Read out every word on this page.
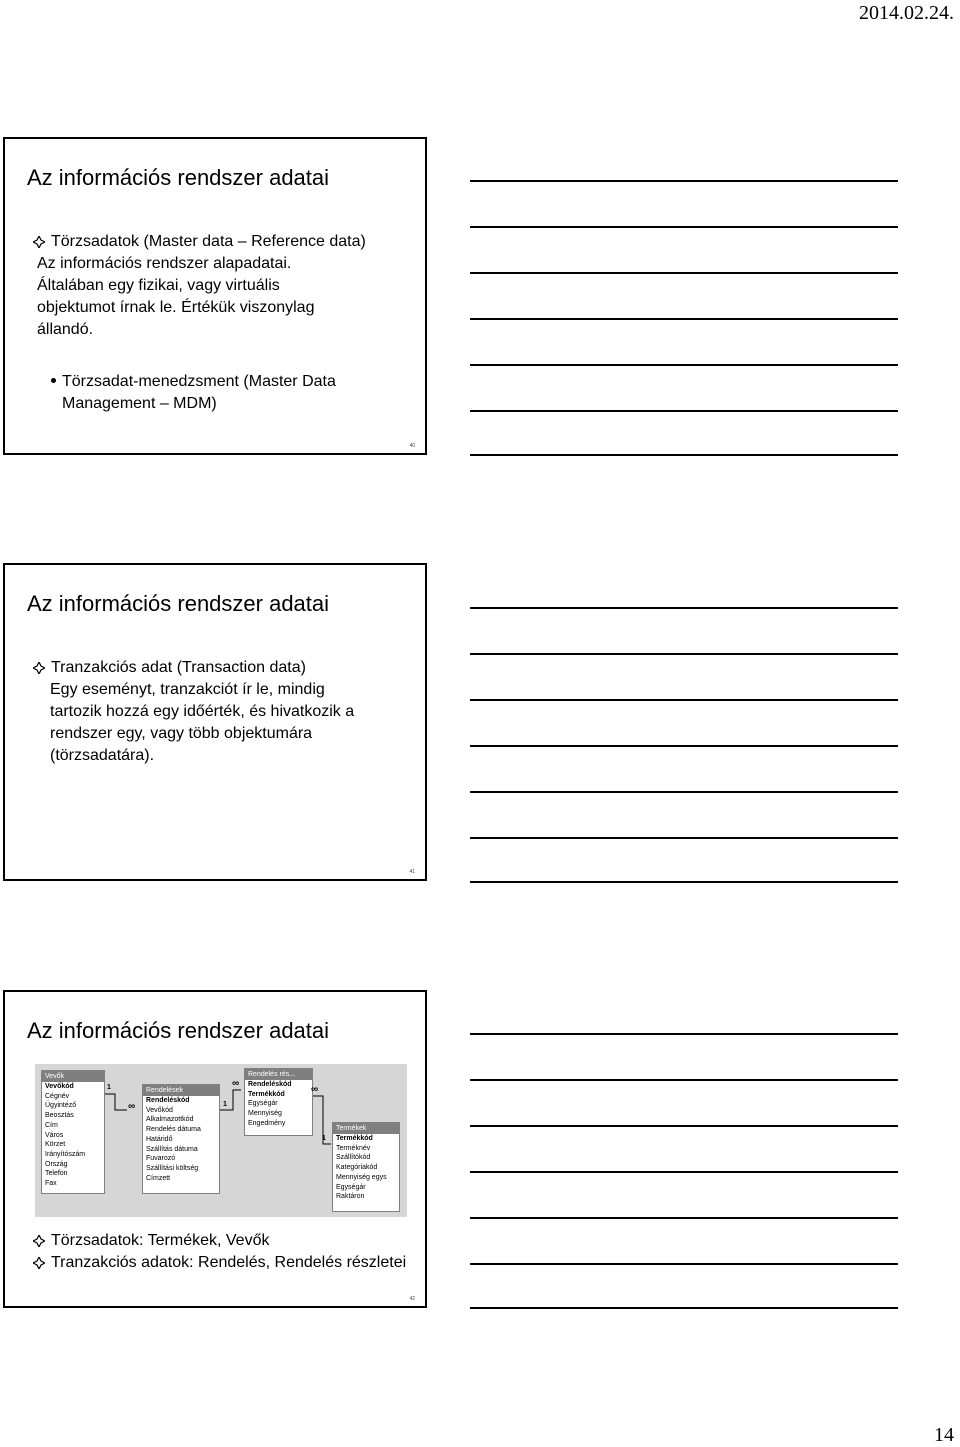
2014.02.24.
Az információs rendszer adatai
Törzsadatok (Master data – Reference data)
Az információs rendszer alapadatai.
Általában egy fizikai, vagy virtuális
objektumot írnak le. Értékük viszonylag
állandó.
Törzsadat-menedzsment (Master Data
Management – MDM)
40
Az információs rendszer adatai
Tranzakciós adat (Transaction data)
Egy eseményt, tranzakciót ír le, mindig
tartozik hozzá egy időérték, és hivatkozik a
rendszer egy, vagy több objektumára
(törzsadatára).
41
Az információs rendszer adatai
Vevők
Vevőkód
Cégnév
Ügyintéző
Beosztás
Cím
Város
Körzet
Irányítószám
Ország
Telefon
Fax
Rendelések
Rendeléskód
Vevőkód
Alkalmazottkód
Rendelés dátuma
Határidő
Szállítás dátuma
Fuvarozó
Szállítási költség
Címzett
Rendelés rés...
Rendeléskód
Termékkód
Egységár
Mennyiség
Engedmény
Termékek
Termékkód
Terméknév
Szállítókód
Kategóriakód
Mennyiség egys
Egységár
Raktáron
1
∞	1
∞
∞
1
Törzsadatok: Termékek, Vevők
Tranzakciós adatok: Rendelés, Rendelés részletei
42
14
